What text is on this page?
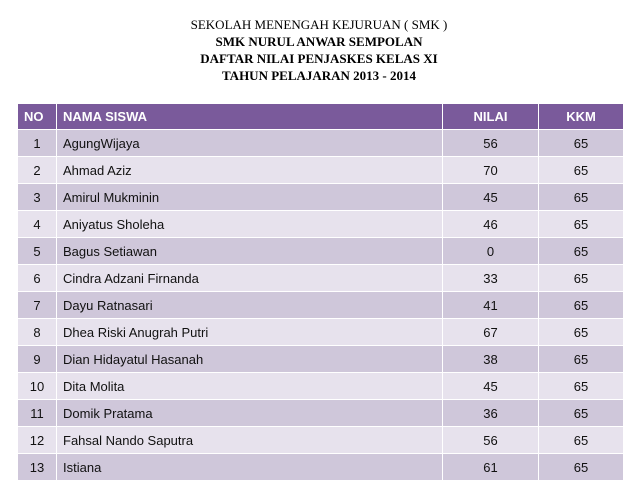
SEKOLAH MENENGAH KEJURUAN ( SMK )
SMK NURUL ANWAR SEMPOLAN
DAFTAR NILAI PENJASKES KELAS XI
TAHUN PELAJARAN 2013 - 2014
NO	NAMA SISWA	NILAI	KKM
1	AgungWijaya	56	65
2	Ahmad Aziz	70	65
3	Amirul Mukminin	45	65
4	Aniyatus Sholeha	46	65
5	Bagus Setiawan	0	65
6	Cindra Adzani Firnanda	33	65
7	Dayu Ratnasari	41	65
8	Dhea Riski Anugrah Putri	67	65
9	Dian Hidayatul Hasanah	38	65
10	Dita Molita	45	65
11	Domik Pratama	36	65
12	Fahsal Nando Saputra	56	65
13	Istiana	61	65
